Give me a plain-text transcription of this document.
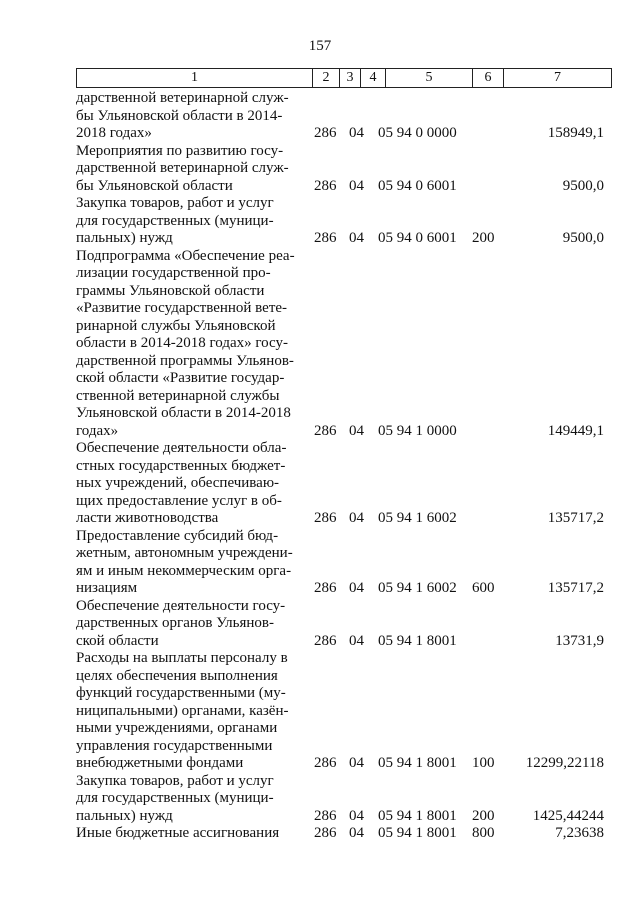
157
1	2	3	4	5	6	7
дарственной ветеринарной служ-
бы Ульяновской области в 2014-
2018 годах»	286 04 05 94 0 0000	158949,1
Мероприятия по развитию госу-
дарственной ветеринарной служ-
бы Ульяновской области	286 04 05 94 0 6001	9500,0
Закупка товаров, работ и услуг
для государственных (муници-
пальных) нужд	286 04 05 94 0 6001 200	9500,0
Подпрограмма «Обеспечение реа-
лизации государственной про-
граммы Ульяновской области
«Развитие государственной вете-
ринарной службы Ульяновской
области в 2014-2018 годах» госу-
дарственной программы Ульянов-
ской области «Развитие государ-
ственной ветеринарной службы
Ульяновской области в 2014-2018
годах»	286 04 05 94 1 0000	149449,1
Обеспечение деятельности обла-
стных государственных бюджет-
ных учреждений, обеспечиваю-
щих предоставление услуг в об-
ласти животноводства	286 04 05 94 1 6002	135717,2
Предоставление субсидий бюд-
жетным, автономным учреждени-
ям и иным некоммерческим орга-
низациям	286 04 05 94 1 6002 600	135717,2
Обеспечение деятельности госу-
дарственных органов Ульянов-
ской области	286 04 05 94 1 8001	13731,9
Расходы на выплаты персоналу в
целях обеспечения выполнения
функций государственными (му-
ниципальными) органами, казён-
ными учреждениями, органами
управления государственными
внебюджетными фондами	286 04 05 94 1 8001 100 12299,22118
Закупка товаров, работ и услуг
для государственных (муници-
пальных) нужд	286 04 05 94 1 8001 200	1425,44244
Иные бюджетные ассигнования	286 04 05 94 1 8001 800	7,23638
